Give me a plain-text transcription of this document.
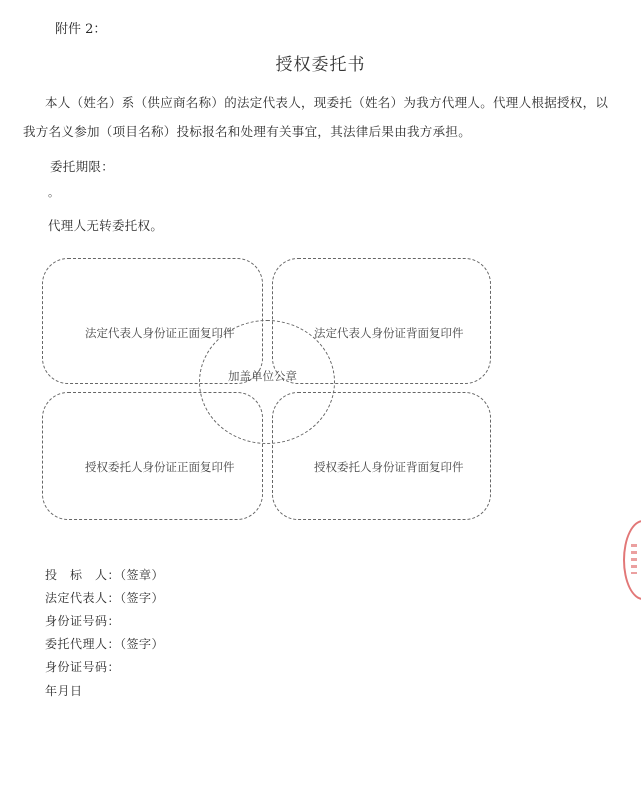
附件 2：
授权委托书
本人（姓名）系（供应商名称）的法定代表人，现委托（姓名）为我方代理人。代理人根据授权，以
我方名义参加（项目名称）投标报名和处理有关事宜，其法律后果由我方承担。
委托期限：
。
代理人无转委托权。
法定代表人身份证正面复印件	法定代表人身份证背面复印件
加盖单位公章
授权委托人身份证正面复印件	授权委托人身份证背面复印件
投　标　人：（签章）
法定代表人：（签字）
身份证号码：
委托代理人：（签字）
身份证号码：
年月日
